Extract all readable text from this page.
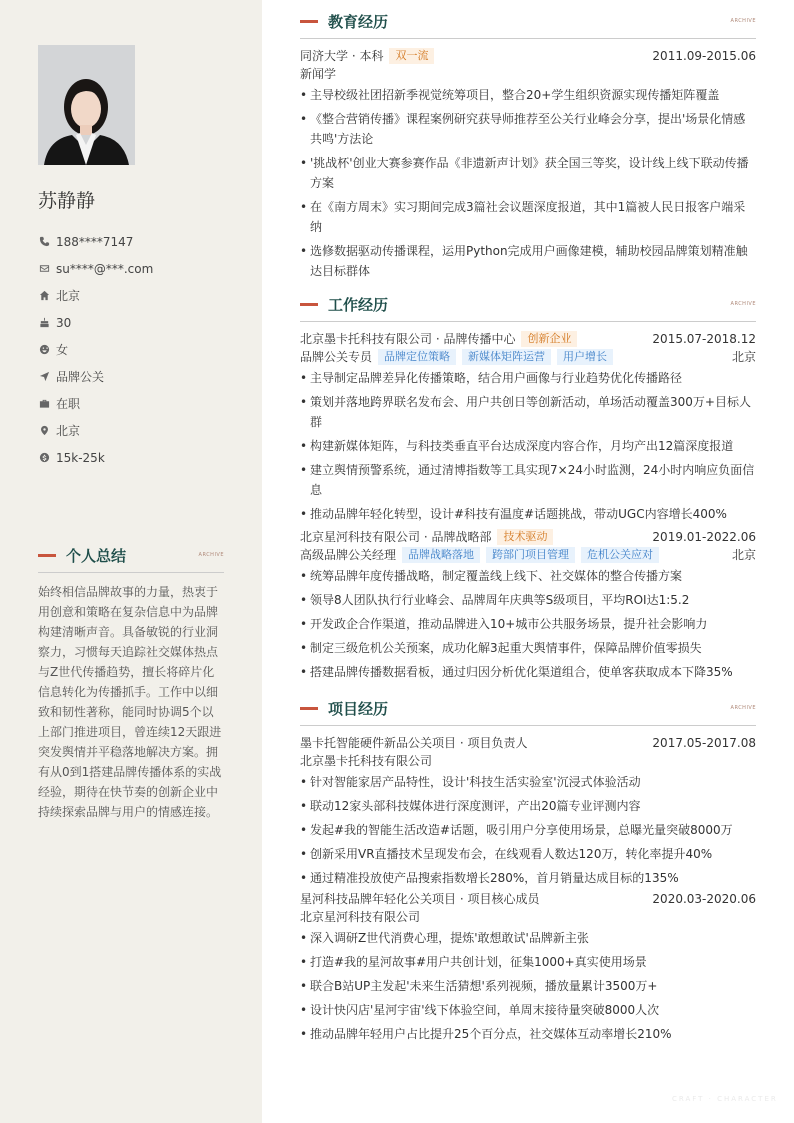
苏静静
188****7147
su****@***.com
北京
30
女
品牌公关
在职
北京
15k-25k
个人总结	ARCHIVE

始终相信品牌故事的力量，热衷于用创意和策略在复杂信息中为品牌构建清晰声音。具备敏锐的行业洞察力，习惯每天追踪社交媒体热点与Z世代传播趋势，擅长将碎片化信息转化为传播抓手。工作中以细致和韧性著称，能同时协调5个以上部门推进项目，曾连续12天跟进突发舆情并平稳落地解决方案。拥有从0到1搭建品牌传播体系的实战经验，期待在快节奏的创新企业中持续探索品牌与用户的情感连接。

教育经历	ARCHIVE
同济大学 · 本科	双一流	2011.09-2015.06
新闻学
• 主导校级社团招新季视觉统筹项目，整合20+学生组织资源实现传播矩阵覆盖
• 《整合营销传播》课程案例研究获导师推荐至公关行业峰会分享，提出'场景化情感共鸣'方法论
• '挑战杯'创业大赛参赛作品《非遗新声计划》获全国三等奖，设计线上线下联动传播方案
• 在《南方周末》实习期间完成3篇社会议题深度报道，其中1篇被人民日报客户端采纳
• 选修数据驱动传播课程，运用Python完成用户画像建模，辅助校园品牌策划精准触达目标群体
工作经历	ARCHIVE
北京墨卡托科技有限公司 · 品牌传播中心	创新企业	2015.07-2018.12
品牌公关专员	品牌定位策略	新媒体矩阵运营	用户增长	北京
• 主导制定品牌差异化传播策略，结合用户画像与行业趋势优化传播路径
• 策划并落地跨界联名发布会、用户共创日等创新活动，单场活动覆盖300万+目标人群
• 构建新媒体矩阵，与科技类垂直平台达成深度内容合作，月均产出12篇深度报道
• 建立舆情预警系统，通过清博指数等工具实现7×24小时监测，24小时内响应负面信息
• 推动品牌年轻化转型，设计#科技有温度#话题挑战，带动UGC内容增长400%
北京星河科技有限公司 · 品牌战略部	技术驱动	2019.01-2022.06
高级品牌公关经理	品牌战略落地	跨部门项目管理	危机公关应对	北京
• 统筹品牌年度传播战略，制定覆盖线上线下、社交媒体的整合传播方案
• 领导8人团队执行行业峰会、品牌周年庆典等S级项目，平均ROI达1:5.2
• 开发政企合作渠道，推动品牌进入10+城市公共服务场景，提升社会影响力
• 制定三级危机公关预案，成功化解3起重大舆情事件，保障品牌价值零损失
• 搭建品牌传播数据看板，通过归因分析优化渠道组合，使单客获取成本下降35%
项目经历	ARCHIVE
墨卡托智能硬件新品公关项目 · 项目负责人	2017.05-2017.08
北京墨卡托科技有限公司
• 针对智能家居产品特性，设计'科技生活实验室'沉浸式体验活动
• 联动12家头部科技媒体进行深度测评，产出20篇专业评测内容
• 发起#我的智能生活改造#话题，吸引用户分享使用场景，总曝光量突破8000万
• 创新采用VR直播技术呈现发布会，在线观看人数达120万，转化率提升40%
• 通过精准投放使产品搜索指数增长280%，首月销量达成目标的135%
星河科技品牌年轻化公关项目 · 项目核心成员	2020.03-2020.06
北京星河科技有限公司
• 深入调研Z世代消费心理，提炼'敢想敢试'品牌新主张
• 打造#我的星河故事#用户共创计划，征集1000+真实使用场景
• 联合B站UP主发起'未来生活猜想'系列视频，播放量累计3500万+
• 设计快闪店'星河宇宙'线下体验空间，单周末接待量突破8000人次
• 推动品牌年轻用户占比提升25个百分点，社交媒体互动率增长210%
CRAFT · CHARACTER
